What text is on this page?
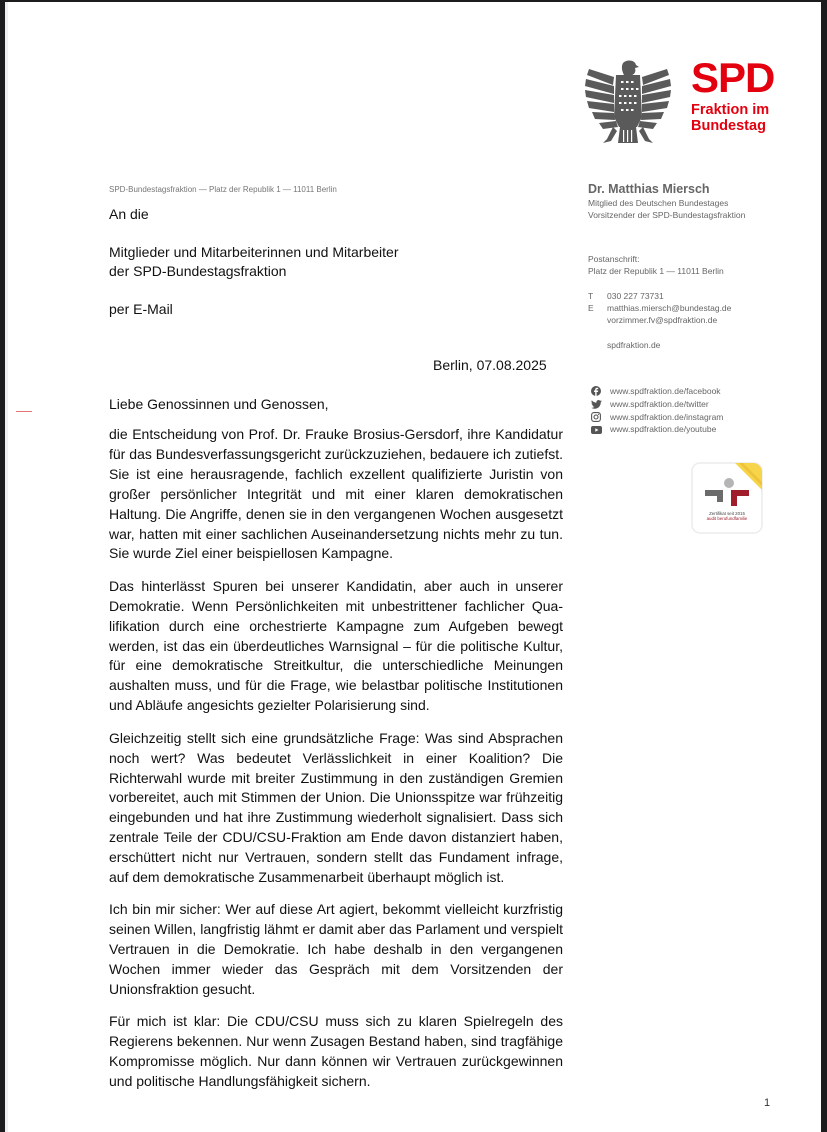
SPD
Fraktion im
Bundestag
SPD-Bundestagsfraktion — Platz der Republik 1 — 11011 Berlin
An die
Mitglieder und Mitarbeiterinnen und Mitarbeiter
der SPD-Bundestagsfraktion
per E-Mail
Dr. Matthias Miersch
Mitglied des Deutschen Bundestages
Vorsitzender der SPD-Bundestagsfraktion
Postanschrift:
Platz der Republik 1 — 11011 Berlin
T	030 227 73731
E	matthias.miersch@bundestag.de
vorzimmer.fv@spdfraktion.de
spdfraktion.de
www.spdfraktion.de/facebook
www.spdfraktion.de/twitter
www.spdfraktion.de/instagram
www.spdfraktion.de/youtube
Zertifikat seit 2015
audit berufundfamilie
Berlin, 07.08.2025
Liebe Genossinnen und Genossen,

die Entscheidung von Prof. Dr. Frauke Brosius-Gersdorf, ihre Kandidatur für das Bundesverfassungsgericht zurückzuziehen, bedauere ich zutiefst. Sie ist eine herausragende, fachlich exzellent qualifizierte Juristin von großer persönlicher Integrität und mit einer klaren demokratischen Haltung. Die Angriffe, denen sie in den vergangenen Wochen ausgesetzt war, hatten mit einer sachlichen Auseinandersetzung nichts mehr zu tun. Sie wurde Ziel einer beispiellosen Kampagne.

Das hinterlässt Spuren bei unserer Kandidatin, aber auch in unserer Demokratie. Wenn Persönlichkeiten mit unbestrittener fachlicher Qualifikation durch eine orchestrierte Kampagne zum Aufgeben bewegt werden, ist das ein überdeutliches Warnsignal – für die politische Kultur, für eine demokratische Streitkultur, die unterschiedliche Meinungen aushalten muss, und für die Frage, wie belastbar politische Institutionen und Abläufe angesichts gezielter Polarisierung sind.

Gleichzeitig stellt sich eine grundsätzliche Frage: Was sind Absprachen noch wert? Was bedeutet Verlässlichkeit in einer Koalition? Die Richterwahl wurde mit breiter Zustimmung in den zuständigen Gremien vorbereitet, auch mit Stimmen der Union. Die Unionsspitze war frühzeitig eingebunden und hat ihre Zustimmung wiederholt signalisiert. Dass sich zentrale Teile der CDU/CSU-Fraktion am Ende davon distanziert haben, erschüttert nicht nur Vertrauen, sondern stellt das Fundament infrage, auf dem demokratische Zusammenarbeit überhaupt möglich ist.

Ich bin mir sicher: Wer auf diese Art agiert, bekommt vielleicht kurzfristig seinen Willen, langfristig lähmt er damit aber das Parlament und verspielt Vertrauen in die Demokratie. Ich habe deshalb in den vergangenen Wochen immer wieder das Gespräch mit dem Vorsitzenden der Unionsfraktion gesucht.

Für mich ist klar: Die CDU/CSU muss sich zu klaren Spielregeln des Regierens bekennen. Nur wenn Zusagen Bestand haben, sind tragfähige Kompromisse möglich. Nur dann können wir Vertrauen zurückgewinnen und politische Handlungsfähigkeit sichern.

1
